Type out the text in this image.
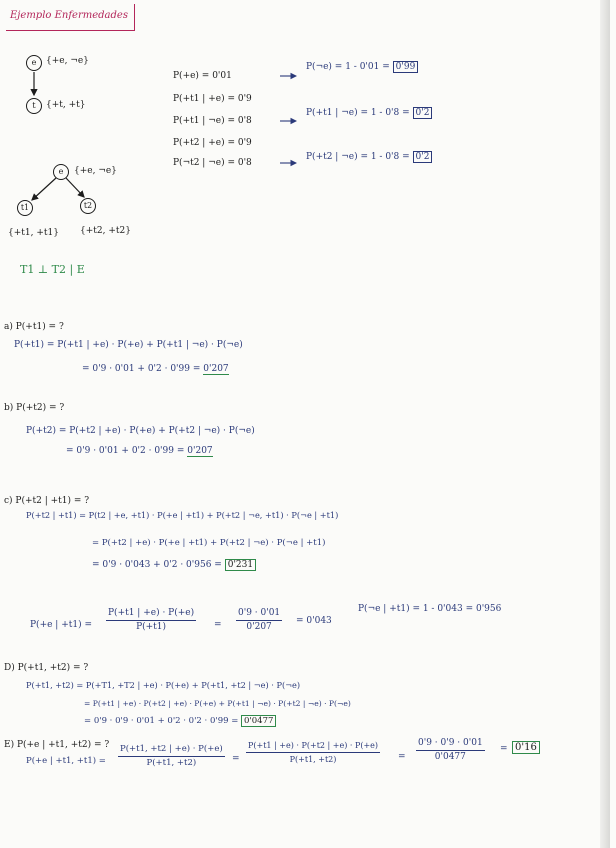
Ejemplo Enfermedades
e	{+e, ¬e}
t	{+t, +t}
e	{+e, ¬e}
t1	t2
{+t1, +t1} {+t2, +t2}
P(+e) = 0'01
P(+t1 | +e) = 0'9
P(+t1 | ¬e) = 0'8
P(+t2 | +e) = 0'9
P(¬t2 | ¬e) = 0'8
P(¬e) = 1 - 0'01 = 0'99
P(+t1 | ¬e) = 1 - 0'8 = 0'2
P(+t2 | ¬e) = 1 - 0'8 = 0'2
T1 ⊥ T2 | E
a) P(+t1) = ?
P(+t1) = P(+t1 | +e) · P(+e) + P(+t1 | ¬e) · P(¬e)
= 0'9 · 0'01 + 0'2 · 0'99 = 0'207
b) P(+t2) = ?
P(+t2) = P(+t2 | +e) · P(+e) + P(+t2 | ¬e) · P(¬e)
= 0'9 · 0'01 + 0'2 · 0'99 = 0'207
c) P(+t2 | +t1) = ?
P(+t2 | +t1) = P(t2 | +e, +t1) · P(+e | +t1) + P(+t2 | ¬e, +t1) · P(¬e | +t1)
= P(+t2 | +e) · P(+e | +t1) + P(+t2 | ¬e) · P(¬e | +t1)
= 0'9 · 0'043 + 0'2 · 0'956 = 0'231
P(+e | $+t1) = \frac{P(+t1 | +e) \cdot P(+e)}{P(+t1)} = \frac{0'9 \cdot 0'01}{0'207} = 0'043$
P(¬e | +t1) = 1 - 0'043 = 0'956
D) P(+t1, +t2) = ?
P(+t1, +t2) = P(+T1, +T2 | +e) · P(+e) + P(+t1, +t2 | ¬e) · P(¬e)
= P(+t1 | +e) · P(+t2 | +e) · P(+e) + P(+t1 | ¬e) · P(+t2 | ¬e) · P(¬e)
= 0'9 · 0'9 · 0'01 + 0'2 · 0'2 · 0'99 = 0'0477
E) P(+e | +t1, +t2) = ?
P(+e | +t1, $+t1) = \frac{P(+t1, +t2 | +e) \cdot P(+e)}{P(+t1, +t2)} = \frac{P(+t1 | +e) \cdot P(+t2 | +e) \cdot P(+e)}{P(+t1, +t2)} = \frac{0'9 \cdot 0'9 \cdot 0'01}{0'0477} = 0'16$
